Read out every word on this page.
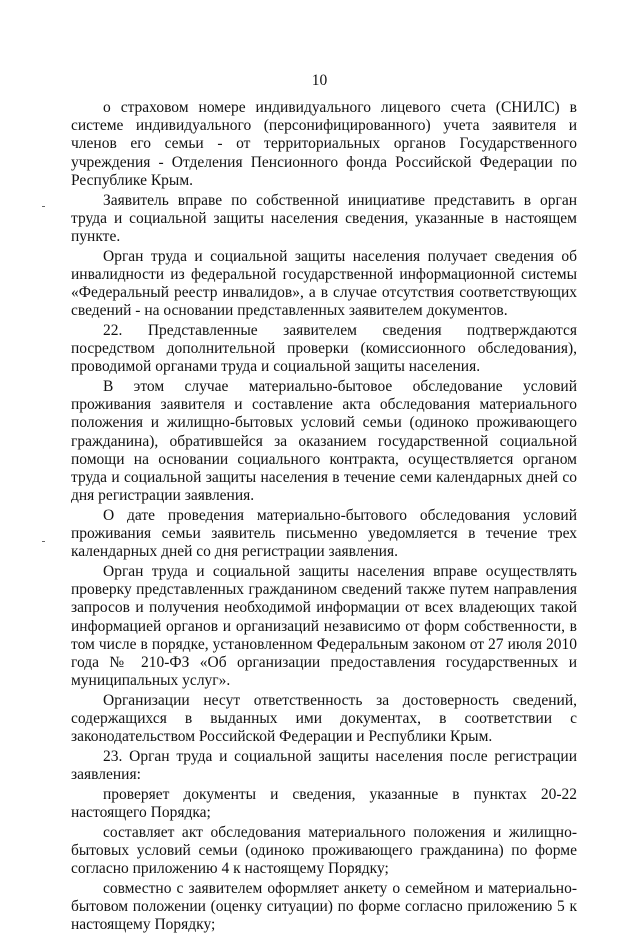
10

о страховом номере индивидуального лицевого счета (СНИЛС) в системе индивидуального (персонифицированного) учета заявителя и членов его семьи - от территориальных органов Государственного учреждения - Отделения Пенсионного фонда Российской Федерации по Республике Крым.

Заявитель вправе по собственной инициативе представить в орган труда и социальной защиты населения сведения, указанные в настоящем пункте.

Орган труда и социальной защиты населения получает сведения об инвалидности из федеральной государственной информационной системы «Федеральный реестр инвалидов», а в случае отсутствия соответствующих сведений - на основании представленных заявителем документов.

22. Представленные заявителем сведения подтверждаются посредством дополнительной проверки (комиссионного обследования), проводимой органами труда и социальной защиты населения.

В этом случае материально-бытовое обследование условий проживания заявителя и составление акта обследования материального положения и жилищно-бытовых условий семьи (одиноко проживающего гражданина), обратившейся за оказанием государственной социальной помощи на основании социального контракта, осуществляется органом труда и социальной защиты населения в течение семи календарных дней со дня регистрации заявления.

О дате проведения материально-бытового обследования условий проживания семьи заявитель письменно уведомляется в течение трех календарных дней со дня регистрации заявления.

Орган труда и социальной защиты населения вправе осуществлять проверку представленных гражданином сведений также путем направления запросов и получения необходимой информации от всех владеющих такой информацией органов и организаций независимо от форм собственности, в том числе в порядке, установленном Федеральным законом от 27 июля 2010 года № 210-ФЗ «Об организации предоставления государственных и муниципальных услуг».

Организации несут ответственность за достоверность сведений, содержащихся в выданных ими документах, в соответствии с законодательством Российской Федерации и Республики Крым.

23. Орган труда и социальной защиты населения после регистрации заявления:

проверяет документы и сведения, указанные в пунктах 20-22 настоящего Порядка;

составляет акт обследования материального положения и жилищно-бытовых условий семьи (одиноко проживающего гражданина) по форме согласно приложению 4 к настоящему Порядку;

совместно с заявителем оформляет анкету о семейном и материально-бытовом положении (оценку ситуации) по форме согласно приложению 5 к настоящему Порядку;
